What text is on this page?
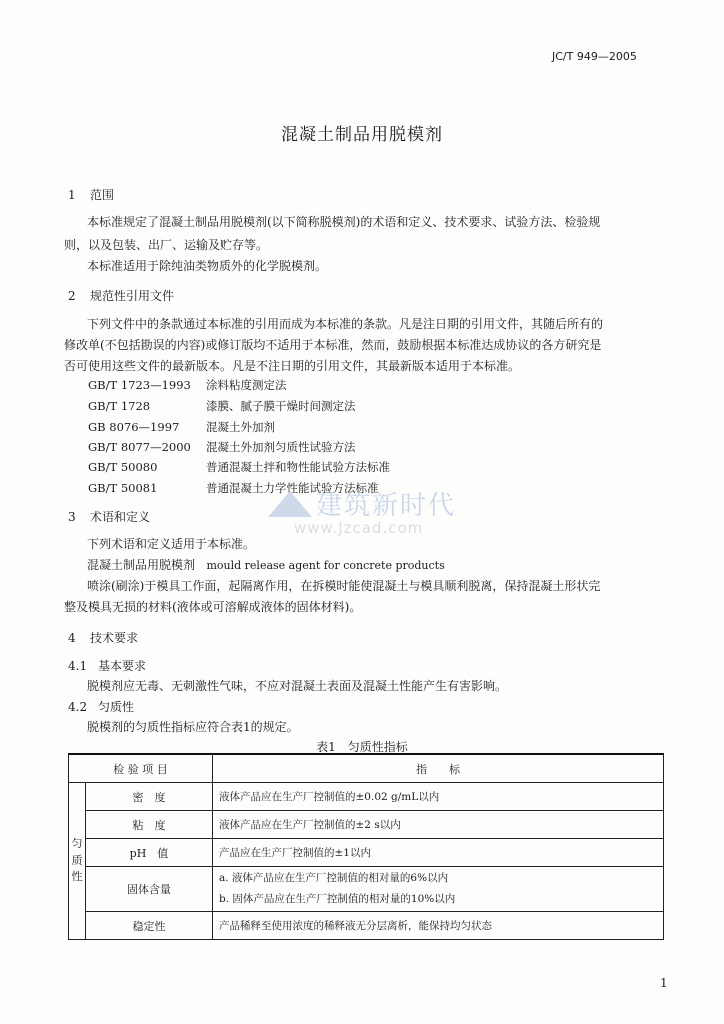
JC/T 949—2005
混凝土制品用脱模剂
1 范围
本标准规定了混凝土制品用脱模剂(以下简称脱模剂)的术语和定义、技术要求、试验方法、检验规
则，以及包装、出厂、运输及贮存等。
本标准适用于除纯油类物质外的化学脱模剂。
2 规范性引用文件
下列文件中的条款通过本标准的引用而成为本标准的条款。凡是注日期的引用文件，其随后所有的
修改单(不包括勘误的内容)或修订版均不适用于本标准，然而，鼓励根据本标准达成协议的各方研究是
否可使用这些文件的最新版本。凡是不注日期的引用文件，其最新版本适用于本标准。
GB/T 1723—1993 涂料粘度测定法
GB/T 1728	漆膜、腻子膜干燥时间测定法
GB 8076—1997 混凝土外加剂
GB/T 8077—2000 混凝土外加剂匀质性试验方法
GB/T 50080	普通混凝土拌和物性能试验方法标准
GB/T 50081	普通混凝土力学性能试验方法标准
建筑新时代
www.Jzcad.com
3 术语和定义
下列术语和定义适用于本标准。
混凝土制品用脱模剂 mould release agent for concrete products
喷涂(刷涂)于模具工作面，起隔离作用，在拆模时能使混凝土与模具顺利脱离，保持混凝土形状完
整及模具无损的材料(液体或可溶解成液体的固体材料)。
4 技术要求
4.1 基本要求
脱模剂应无毒、无刺激性气味，不应对混凝土表面及混凝土性能产生有害影响。
4.2 匀质性
脱模剂的匀质性指标应符合表1的规定。
表1　匀质性指标
检 验 项 目		指　　标
匀质性	密　度	液体产品应在生产厂控制值的±0.02 g/mL以内
	粘　度	液体产品应在生产厂控制值的±2 s以内
	pH　值	产品应在生产厂控制值的±1以内
	固体含量	a. 液体产品应在生产厂控制值的相对量的6%以内
b. 固体产品应在生产厂控制值的相对量的10%以内

	稳定性	产品稀释至使用浓度的稀释液无分层离析，能保持均匀状态
1
